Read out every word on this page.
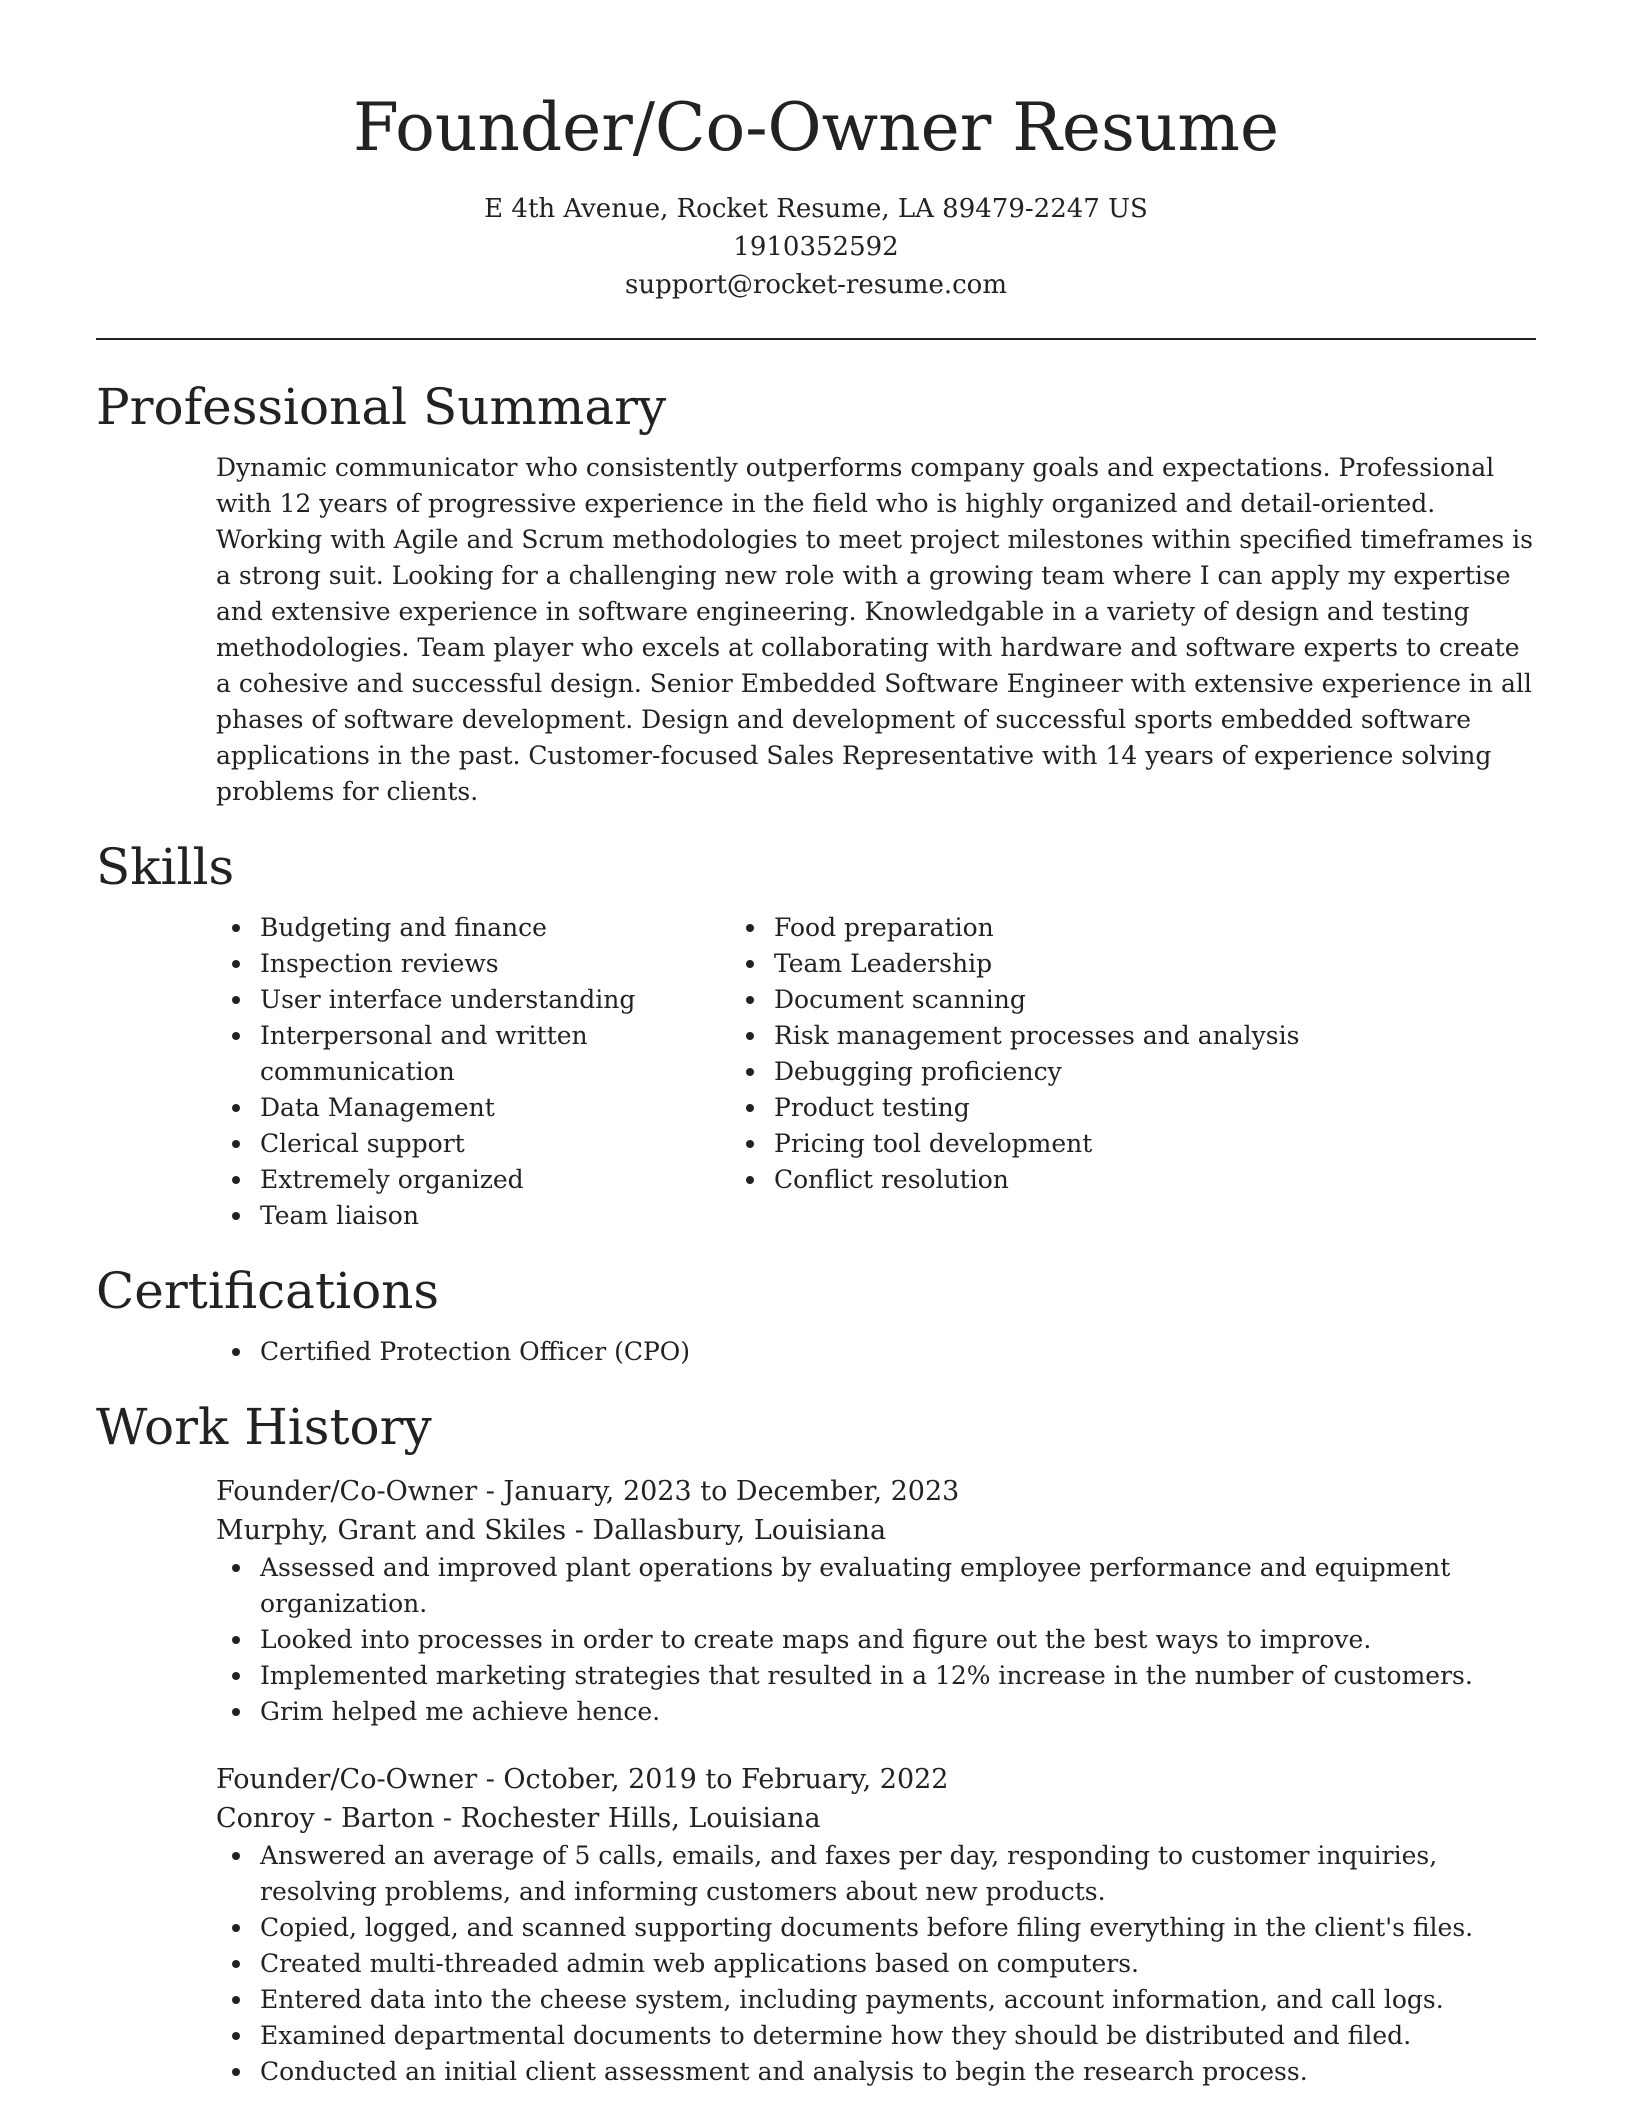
Founder/Co-Owner Resume

E 4th Avenue, Rocket Resume, LA 89479-2247 US

1910352592

support@rocket-resume.com

Professional Summary

Dynamic communicator who consistently outperforms company goals and expectations. Professional with 12 years of progressive experience in the field who is highly organized and detail-oriented. Working with Agile and Scrum methodologies to meet project milestones within specified timeframes is a strong suit. Looking for a challenging new role with a growing team where I can apply my expertise and extensive experience in software engineering. Knowledgable in a variety of design and testing methodologies. Team player who excels at collaborating with hardware and software experts to create a cohesive and successful design. Senior Embedded Software Engineer with extensive experience in all phases of software development. Design and development of successful sports embedded software applications in the past. Customer-focused Sales Representative with 14 years of experience solving problems for clients.

Skills
Budgeting and finance
Inspection reviews
User interface understanding
Interpersonal and written communication
Data Management
Clerical support
Extremely organized
Team liaison
Food preparation
Team Leadership
Document scanning
Risk management processes and analysis
Debugging proficiency
Product testing
Pricing tool development
Conflict resolution
Certifications
Certified Protection Officer (CPO)
Work History

Founder/Co-Owner - January, 2023 to December, 2023

Murphy, Grant and Skiles - Dallasbury, Louisiana

Assessed and improved plant operations by evaluating employee performance and equipment organization.
Looked into processes in order to create maps and figure out the best ways to improve.
Implemented marketing strategies that resulted in a 12% increase in the number of customers.
Grim helped me achieve hence.

Founder/Co-Owner - October, 2019 to February, 2022

Conroy - Barton - Rochester Hills, Louisiana

Answered an average of 5 calls, emails, and faxes per day, responding to customer inquiries, resolving problems, and informing customers about new products.
Copied, logged, and scanned supporting documents before filing everything in the client's files.
Created multi-threaded admin web applications based on computers.
Entered data into the cheese system, including payments, account information, and call logs.
Examined departmental documents to determine how they should be distributed and filed.
Conducted an initial client assessment and analysis to begin the research process.
